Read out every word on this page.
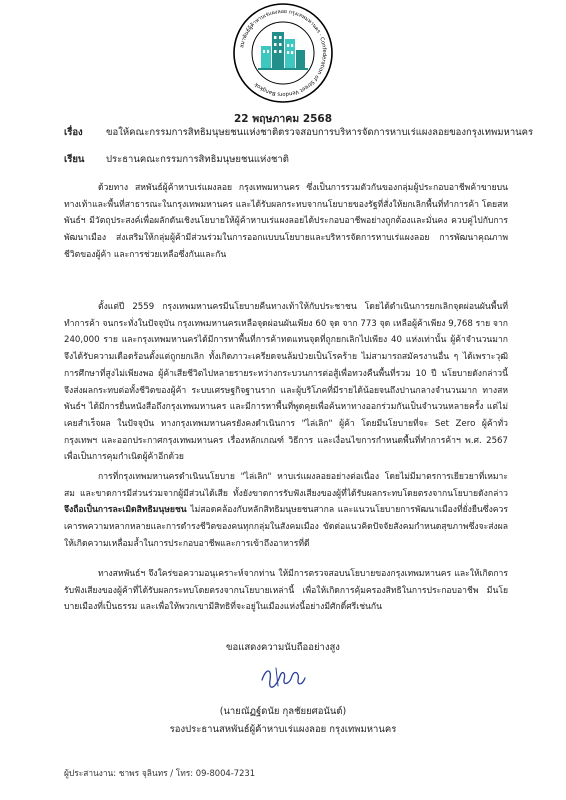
สมาพันธ์ผู้ค้าหาบเร่แผงลอย กรุงเทพมหานคร · Confederation of Street Vendors Bangkok
22 พฤษภาคม 2568
เรื่อง ขอให้คณะกรรมการสิทธิมนุษยชนแห่งชาติตรวจสอบการบริหารจัดการหาบเร่แผงลอยของกรุงเทพมหานคร
เรียน ประธานคณะกรรมการสิทธิมนุษยชนแห่งชาติ

ด้วยทาง สหพันธ์ผู้ค้าหาบเร่แผงลอย กรุงเทพมหานคร ซึ่งเป็นการรวมตัวกันของกลุ่มผู้ประกอบอาชีพค้าขายบนทางเท้าและพื้นที่สาธารณะในกรุงเทพมหานคร และได้รับผลกระทบจากนโยบายของรัฐที่สั่งให้ยกเลิกพื้นที่ทำการค้า โดยสหพันธ์ฯ มีวัตถุประสงค์เพื่อผลักดันเชิงนโยบายให้ผู้ค้าหาบเร่แผงลอยได้ประกอบอาชีพอย่างถูกต้องและมั่นคง ควบคู่ไปกับการพัฒนาเมือง ส่งเสริมให้กลุ่มผู้ค้ามีส่วนร่วมในการออกแบบนโยบายและบริหารจัดการหาบเร่แผงลอย การพัฒนาคุณภาพชีวิตของผู้ค้า และการช่วยเหลือซึ่งกันและกัน

ตั้งแต่ปี 2559 กรุงเทพมหานครมีนโยบายคืนทางเท้าให้กับประชาชน โดยได้ดำเนินการยกเลิกจุดผ่อนผันพื้นที่ทำการค้า จนกระทั่งในปัจจุบัน กรุงเทพมหานครเหลือจุดผ่อนผันเพียง 60 จุด จาก 773 จุด เหลือผู้ค้าเพียง 9,768 ราย จาก 240,000 ราย และกรุงเทพมหานครได้มีการหาพื้นที่การค้าทดแทนจุดที่ถูกยกเลิกไปเพียง 40 แห่งเท่านั้น ผู้ค้าจำนวนมากจึงได้รับความเดือดร้อนตั้งแต่ถูกยกเลิก ทั้งเกิดภาวะเครียดจนล้มป่วยเป็นโรคร้าย ไม่สามารถสมัครงานอื่น ๆ ได้เพราะวุฒิการศึกษาที่สูงไม่เพียงพอ ผู้ค้าเสียชีวิตไปหลายรายระหว่างกระบวนการต่อสู้เพื่อทวงคืนพื้นที่รวม 10 ปี นโยบายดังกล่าวนี้จึงส่งผลกระทบต่อทั้งชีวิตของผู้ค้า ระบบเศรษฐกิจฐานราก และผู้บริโภคที่มีรายได้น้อยจนถึงปานกลางจำนวนมาก ทางสหพันธ์ฯ ได้มีการยื่นหนังสือถึงกรุงเทพมหานคร และมีการหาพื้นที่พูดคุยเพื่อค้นหาทางออกร่วมกันเป็นจำนวนหลายครั้ง แต่ไม่เคยสำเร็จผล ในปัจจุบัน ทางกรุงเทพมหานครยังคงดำเนินการ "ไล่เลิก" ผู้ค้า โดยมีนโยบายที่จะ Set Zero ผู้ค้าทั่วกรุงเทพฯ และออกประกาศกรุงเทพมหานคร เรื่องหลักเกณฑ์ วิธีการ และเงื่อนไขการกำหนดพื้นที่ทำการค้าฯ พ.ศ. 2567 เพื่อเป็นการคุมกำเนิดผู้ค้าอีกด้วย

การที่กรุงเทพมหานครดำเนินนโยบาย "ไล่เลิก" หาบเร่แผงลอยอย่างต่อเนื่อง โดยไม่มีมาตรการเยียวยาที่เหมาะสม และขาดการมีส่วนร่วมจากผู้มีส่วนได้เสีย ทั้งยังขาดการรับฟังเสียงของผู้ที่ได้รับผลกระทบโดยตรงจากนโยบายดังกล่าว จึงถือเป็นการละเมิดสิทธิมนุษยชน ไม่สอดคล้องกับหลักสิทธิมนุษยชนสากล และแนวนโยบายการพัฒนาเมืองที่ยั่งยืนซึ่งควรเคารพความหลากหลายและการดำรงชีวิตของคนทุกกลุ่มในสังคมเมือง ขัดต่อแนวคิดปัจจัยสังคมกำหนดสุขภาพซึ่งจะส่งผลให้เกิดความเหลื่อมล้ำในการประกอบอาชีพและการเข้าถึงอาหารที่ดี

ทางสหพันธ์ฯ จึงใคร่ขอความอนุเคราะห์จากท่าน ให้มีการตรวจสอบนโยบายของกรุงเทพมหานคร และให้เกิดการรับฟังเสียงของผู้ค้าที่ได้รับผลกระทบโดยตรงจากนโยบายเหล่านี้ เพื่อให้เกิดการคุ้มครองสิทธิในการประกอบอาชีพ มีนโยบายเมืองที่เป็นธรรม และเพื่อให้พวกเขามีสิทธิที่จะอยู่ในเมืองแห่งนี้อย่างมีศักดิ์ศรีเช่นกัน

ขอแสดงความนับถืออย่างสูง
(นายณัฏฐ์ดนัย กุลชัยยศอนันต์)
รองประธานสหพันธ์ผู้ค้าหาบเร่แผงลอย กรุงเทพมหานคร
ผู้ประสานงาน: ชาพร จุลินทร / โทร: 09-8004-7231
